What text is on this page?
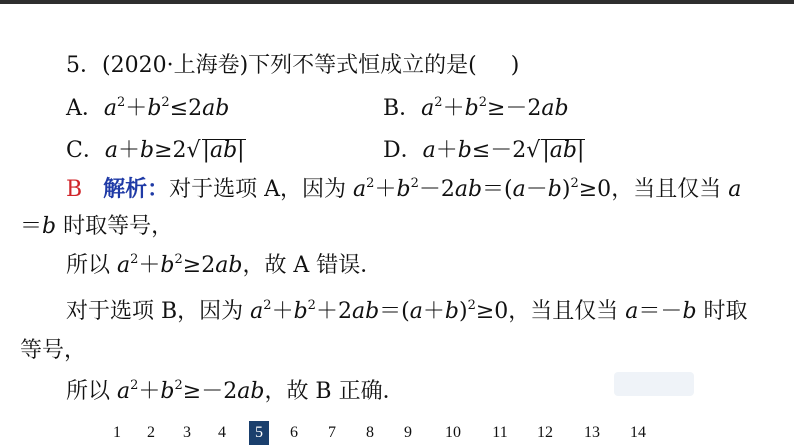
5．(2020·上海卷)下列不等式恒成立的是( )
A．$a^2+b^2\le 2ab$	B．$a^2+b^2\ge-2ab$
C．a＋b≥2√|ab|	D．a＋b≤－2√|ab|
B 解析：对于选项 A，因为 $a^2+b^2-2ab=(a-b)^2\ge 0$，当且仅当 a
＝b 时取等号，
所以 $a^2+b^2\ge 2ab$，故 A 错误．
对于选项 B，因为 $a^2+b^2+2ab=(a+b)^2\ge 0$，当且仅当 a＝－b 时取
等号，
所以 $a^2+b^2\ge-2ab$，故 B 正确．
1 2 3 4	5	6 7 8 9 10 11 12 13 14
